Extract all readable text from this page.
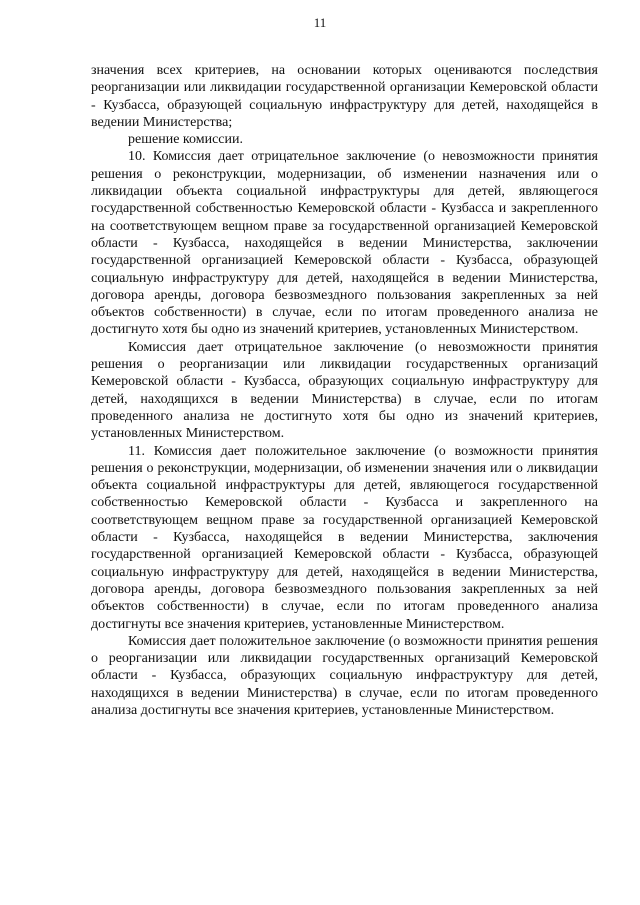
11

значения всех критериев, на основании которых оцениваются последствия реорганизации или ликвидации государственной организации Кемеровской области - Кузбасса, образующей социальную инфраструктуру для детей, находящейся в ведении Министерства;

решение комиссии.

10. Комиссия дает отрицательное заключение (о невозможности принятия решения о реконструкции, модернизации, об изменении назначения или о ликвидации объекта социальной инфраструктуры для детей, являющегося государственной собственностью Кемеровской области - Кузбасса и закрепленного на соответствующем вещном праве за государственной организацией Кемеровской области - Кузбасса, находящейся в ведении Министерства, заключении государственной организацией Кемеровской области - Кузбасса, образующей социальную инфраструктуру для детей, находящейся в ведении Министерства, договора аренды, договора безвозмездного пользования закрепленных за ней объектов собственности) в случае, если по итогам проведенного анализа не достигнуто хотя бы одно из значений критериев, установленных Министерством.

Комиссия дает отрицательное заключение (о невозможности принятия решения о реорганизации или ликвидации государственных организаций Кемеровской области - Кузбасса, образующих социальную инфраструктуру для детей, находящихся в ведении Министерства) в случае, если по итогам проведенного анализа не достигнуто хотя бы одно из значений критериев, установленных Министерством.

11. Комиссия дает положительное заключение (о возможности принятия решения о реконструкции, модернизации, об изменении значения или о ликвидации объекта социальной инфраструктуры для детей, являющегося государственной собственностью Кемеровской области - Кузбасса и закрепленного на соответствующем вещном праве за государственной организацией Кемеровской области - Кузбасса, находящейся в ведении Министерства, заключения государственной организацией Кемеровской области - Кузбасса, образующей социальную инфраструктуру для детей, находящейся в ведении Министерства, договора аренды, договора безвозмездного пользования закрепленных за ней объектов собственности) в случае, если по итогам проведенного анализа достигнуты все значения критериев, установленные Министерством.

Комиссия дает положительное заключение (о возможности принятия решения о реорганизации или ликвидации государственных организаций Кемеровской области - Кузбасса, образующих социальную инфраструктуру для детей, находящихся в ведении Министерства) в случае, если по итогам проведенного анализа достигнуты все значения критериев, установленные Министерством.
